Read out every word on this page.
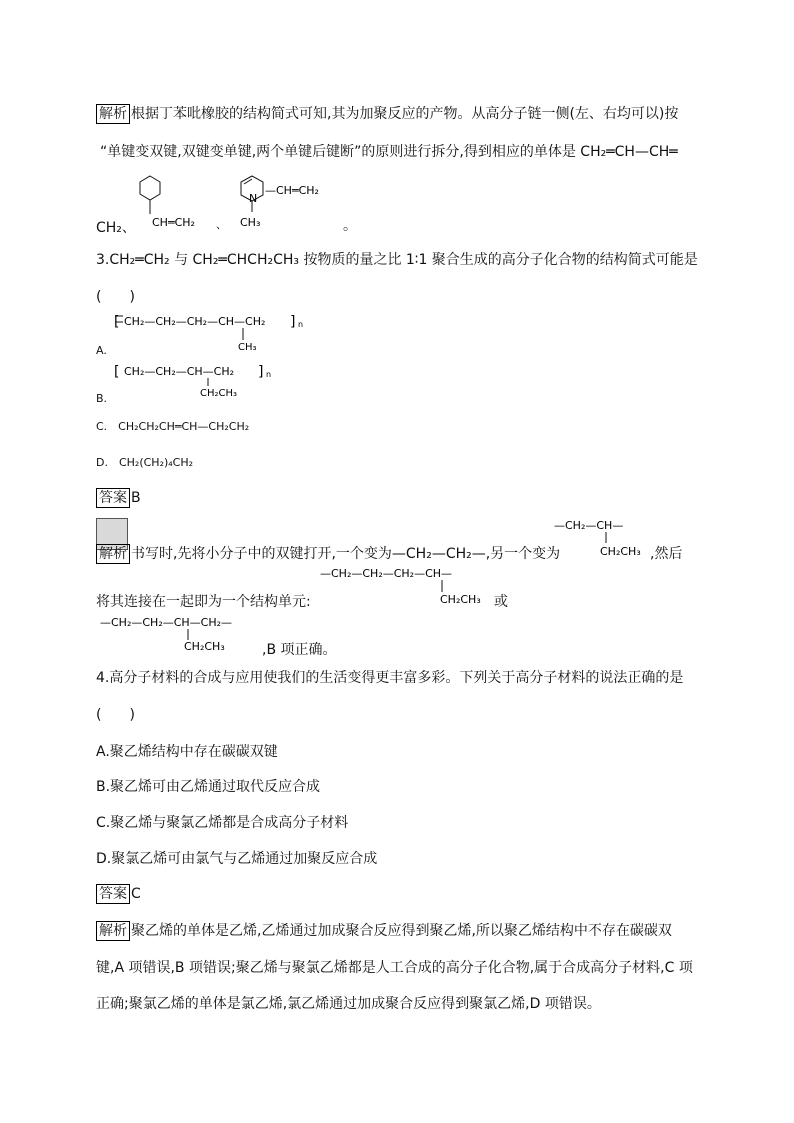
解析 根据丁苯吡橡胶的结构简式可知,其为加聚反应的产物。从高分子链一侧(左、右均可以)按
“单键变双键,双键变单键,两个单键后键断”的原则进行拆分,得到相应的单体是 CH₂═CH—CH═
CH₂、 CH═CH₂ 、
N
CH₃
—CH═CH₂
。
3.CH₂═CH₂ 与 CH₂═CHCH₂CH₃ 按物质的量之比 1∶1 聚合生成的高分子化合物的结构简式可能是
(　　)
[ CH₂—CH₂—CH₂—CH—CH₂ ] n
CH₃
A.
[ CH₂—CH₂—CH—CH₂ ] n
CH₂CH₃
B.
C.　CH₂CH₂CH═CH—CH₂CH₂
D.　CH₂(CH₂)₄CH₂
答案 B
解析 书写时,先将小分子中的双键打开,一个变为—CH₂—CH₂—,另一个变为
—CH₂—CH—
CH₂CH₃ ,然后
—CH₂—CH₂—CH₂—CH—
CH₂CH₃
将其连接在一起即为一个结构单元:	或
—CH₂—CH₂—CH—CH₂—
CH₂CH₃	,B 项正确。
4.高分子材料的合成与应用使我们的生活变得更丰富多彩。下列关于高分子材料的说法正确的是
(　　)
A.聚乙烯结构中存在碳碳双键
B.聚乙烯可由乙烯通过取代反应合成
C.聚乙烯与聚氯乙烯都是合成高分子材料
D.聚氯乙烯可由氯气与乙烯通过加聚反应合成
答案 C
解析 聚乙烯的单体是乙烯,乙烯通过加成聚合反应得到聚乙烯,所以聚乙烯结构中不存在碳碳双
键,A 项错误,B 项错误;聚乙烯与聚氯乙烯都是人工合成的高分子化合物,属于合成高分子材料,C 项
正确;聚氯乙烯的单体是氯乙烯,氯乙烯通过加成聚合反应得到聚氯乙烯,D 项错误。
